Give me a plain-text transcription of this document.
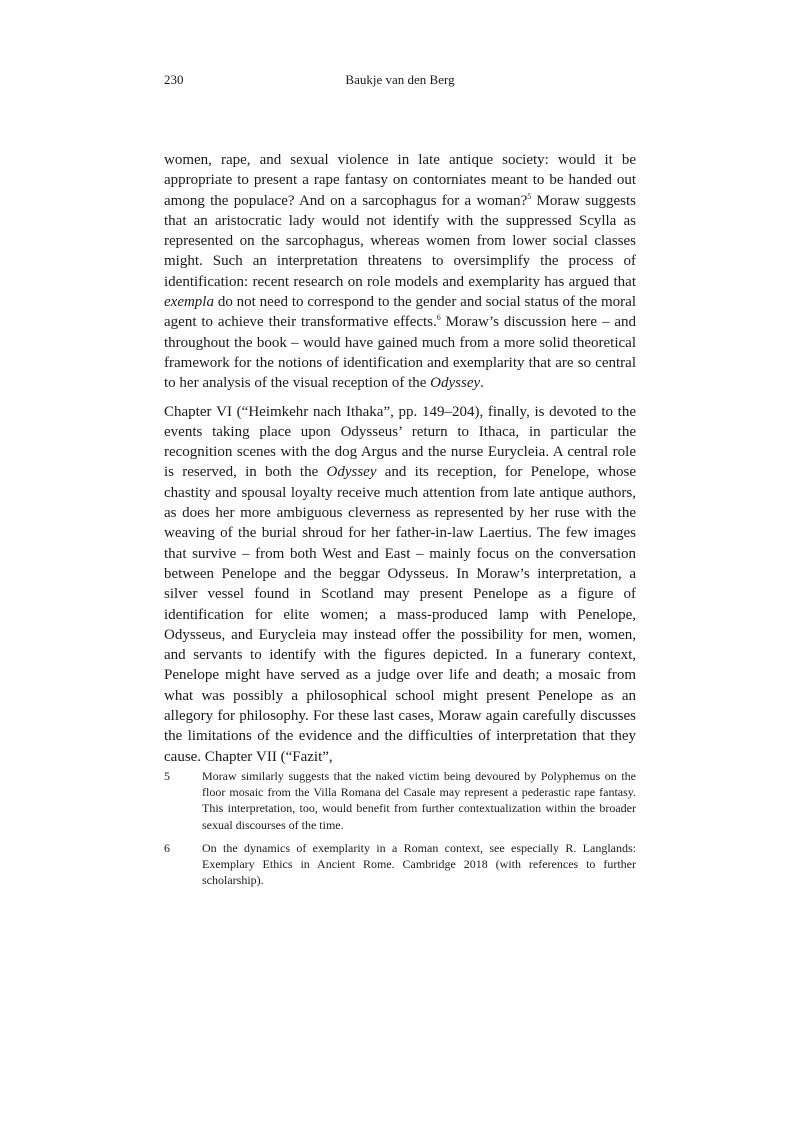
230	Baukje van den Berg

women, rape, and sexual violence in late antique society: would it be appropriate to present a rape fantasy on contorniates meant to be handed out among the populace? And on a sarcophagus for a woman?$^5$ Moraw suggests that an aristocratic lady would not identify with the suppressed Scylla as represented on the sarcophagus, whereas women from lower social classes might. Such an interpretation threatens to oversimplify the process of identification: recent research on role models and exemplarity has argued that exempla do not need to correspond to the gender and social status of the moral agent to achieve their transformative effects.$^6$ Moraw’s discussion here – and throughout the book – would have gained much from a more solid theoretical framework for the notions of identification and exemplarity that are so central to her analysis of the visual reception of the Odyssey.

Chapter VI (“Heimkehr nach Ithaka”, pp. 149–204), finally, is devoted to the events taking place upon Odysseus’ return to Ithaca, in particular the recognition scenes with the dog Argus and the nurse Eurycleia. A central role is reserved, in both the Odyssey and its reception, for Penelope, whose chastity and spousal loyalty receive much attention from late antique authors, as does her more ambiguous cleverness as represented by her ruse with the weaving of the burial shroud for her father-in-law Laertius. The few images that survive – from both West and East – mainly focus on the conversation between Penelope and the beggar Odysseus. In Moraw’s interpretation, a silver vessel found in Scotland may present Penelope as a figure of identification for elite women; a mass-produced lamp with Penelope, Odysseus, and Eurycleia may instead offer the possibility for men, women, and servants to identify with the figures depicted. In a funerary context, Penelope might have served as a judge over life and death; a mosaic from what was possibly a philosophical school might present Penelope as an allegory for philosophy. For these last cases, Moraw again carefully discusses the limitations of the evidence and the difficulties of interpretation that they cause. Chapter VII (“Fazit”,

5	Moraw similarly suggests that the naked victim being devoured by Polyphemus on the floor mosaic from the Villa Romana del Casale may represent a pederastic rape fantasy. This interpretation, too, would benefit from further contextualization within the broader sexual discourses of the time.
6	On the dynamics of exemplarity in a Roman context, see especially R. Langlands: Exemplary Ethics in Ancient Rome. Cambridge 2018 (with references to further scholarship).
